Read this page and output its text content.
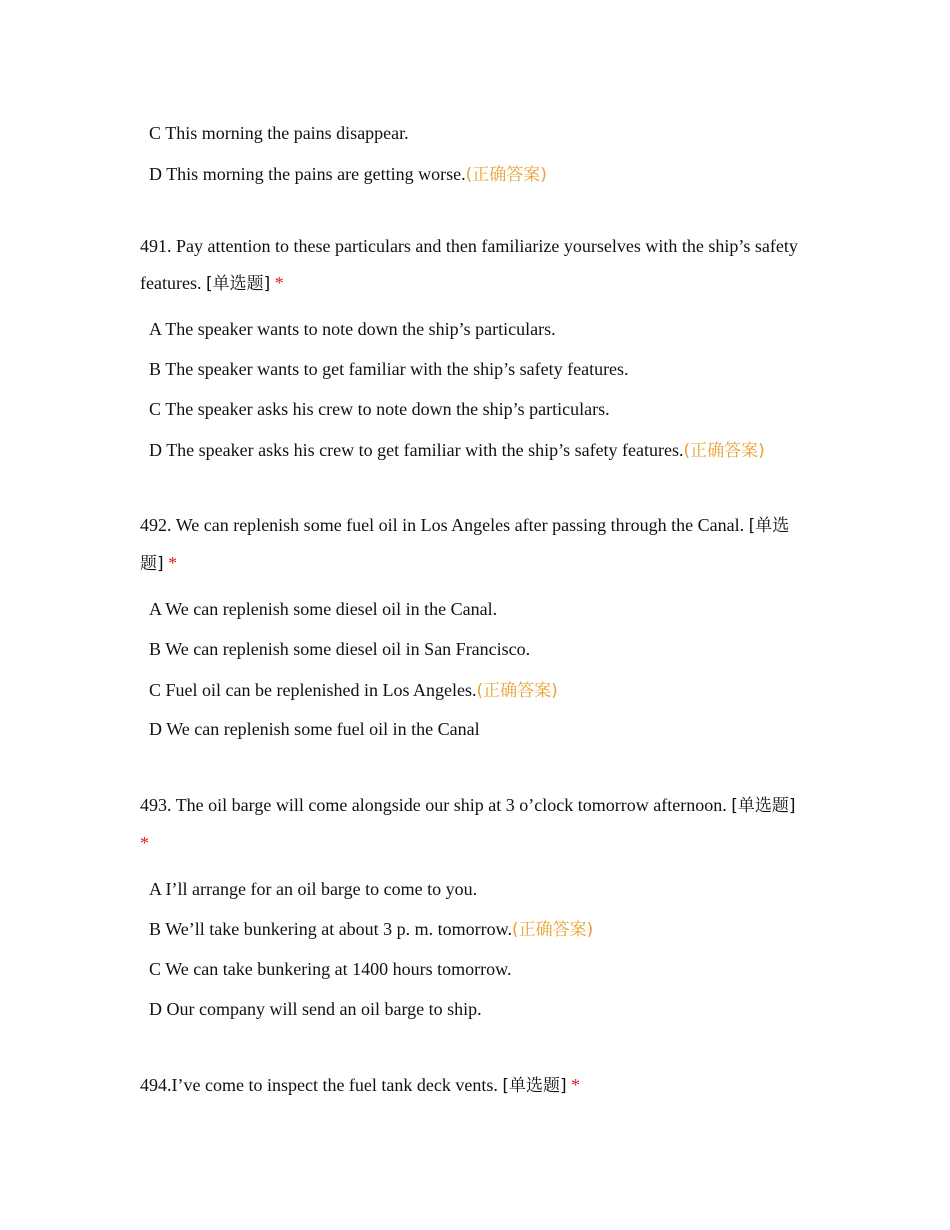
C This morning the pains disappear.
D This morning the pains are getting worse.(正确答案)
491. Pay attention to these particulars and then familiarize yourselves with the ship’s safety features. [单选题] *
A The speaker wants to note down the ship’s particulars.
B The speaker wants to get familiar with the ship’s safety features.
C The speaker asks his crew to note down the ship’s particulars.
D The speaker asks his crew to get familiar with the ship’s safety features.(正确答案)
492. We can replenish some fuel oil in Los Angeles after passing through the Canal. [单选题] *
A We can replenish some diesel oil in the Canal.
B We can replenish some diesel oil in San Francisco.
C Fuel oil can be replenished in Los Angeles.(正确答案)
D We can replenish some fuel oil in the Canal
493. The oil barge will come alongside our ship at 3 o’clock tomorrow afternoon. [单选题] *
A I’ll arrange for an oil barge to come to you.
B We’ll take bunkering at about 3 p. m. tomorrow.(正确答案)
C We can take bunkering at 1400 hours tomorrow.
D Our company will send an oil barge to ship.
494.I’ve come to inspect the fuel tank deck vents. [单选题] *
